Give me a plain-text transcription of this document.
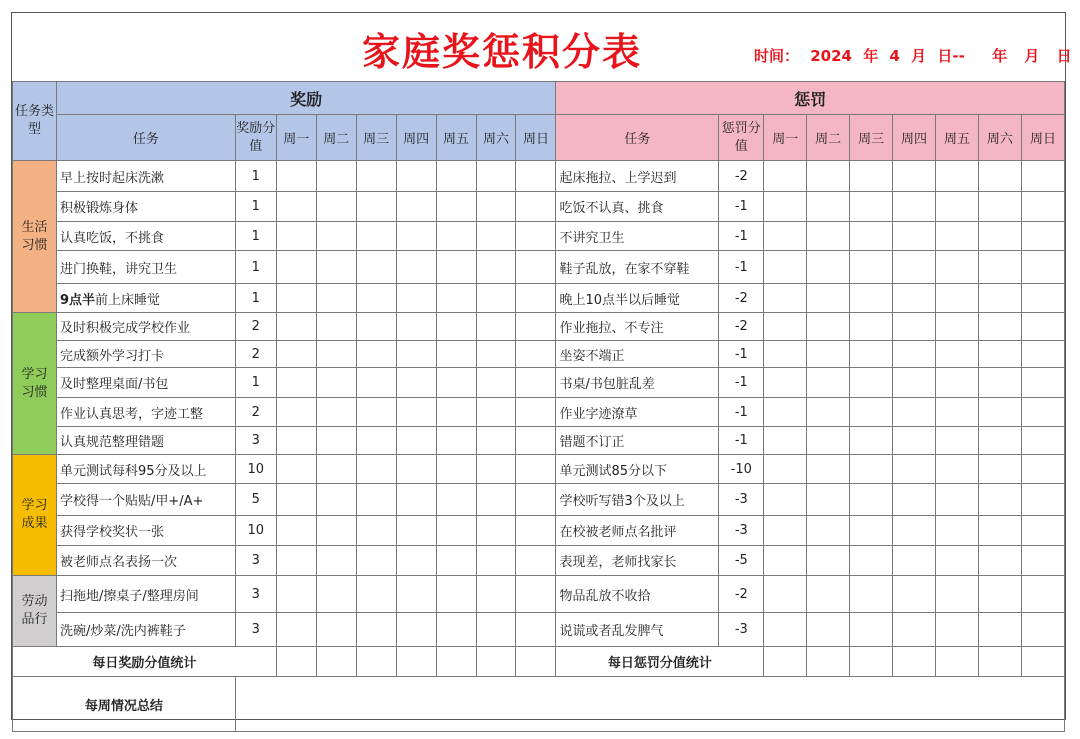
家庭奖惩积分表	时间： 2024 年 4 月 日-- 年 月 日
任务类型	奖励									惩罚								
	任务	奖励分值	周一	周二	周三	周四	周五	周六	周日	任务	惩罚分值	周一	周二	周三	周四	周五	周六	周日
生活习惯	早上按时起床洗漱	1								起床拖拉、上学迟到	-2							
	积极锻炼身体	1								吃饭不认真、挑食	-1							
	认真吃饭，不挑食	1								不讲究卫生	-1							
	进门换鞋，讲究卫生	1								鞋子乱放，在家不穿鞋	-1							
	9点半前上床睡觉	1								晚上10点半以后睡觉	-2							
学习习惯	及时积极完成学校作业	2								作业拖拉、不专注	-2							
	完成额外学习打卡	2								坐姿不端正	-1							
	及时整理桌面/书包	1								书桌/书包脏乱差	-1							
	作业认真思考，字迹工整	2								作业字迹潦草	-1							
	认真规范整理错题	3								错题不订正	-1							
学习成果	单元测试每科95分及以上	10								单元测试85分以下	-10							
	学校得一个贴贴/甲+/A+	5								学校听写错3个及以上	-3							
	获得学校奖状一张	10								在校被老师点名批评	-3							
	被老师点名表扬一次	3								表现差，老师找家长	-5							
劳动品行	扫拖地/擦桌子/整理房间	3								物品乱放不收拾	-2							
	洗碗/炒菜/洗内裤鞋子	3								说谎或者乱发脾气	-3							
每日奖励分值统计										每日惩罚分值统计								
每周情况总结																		
